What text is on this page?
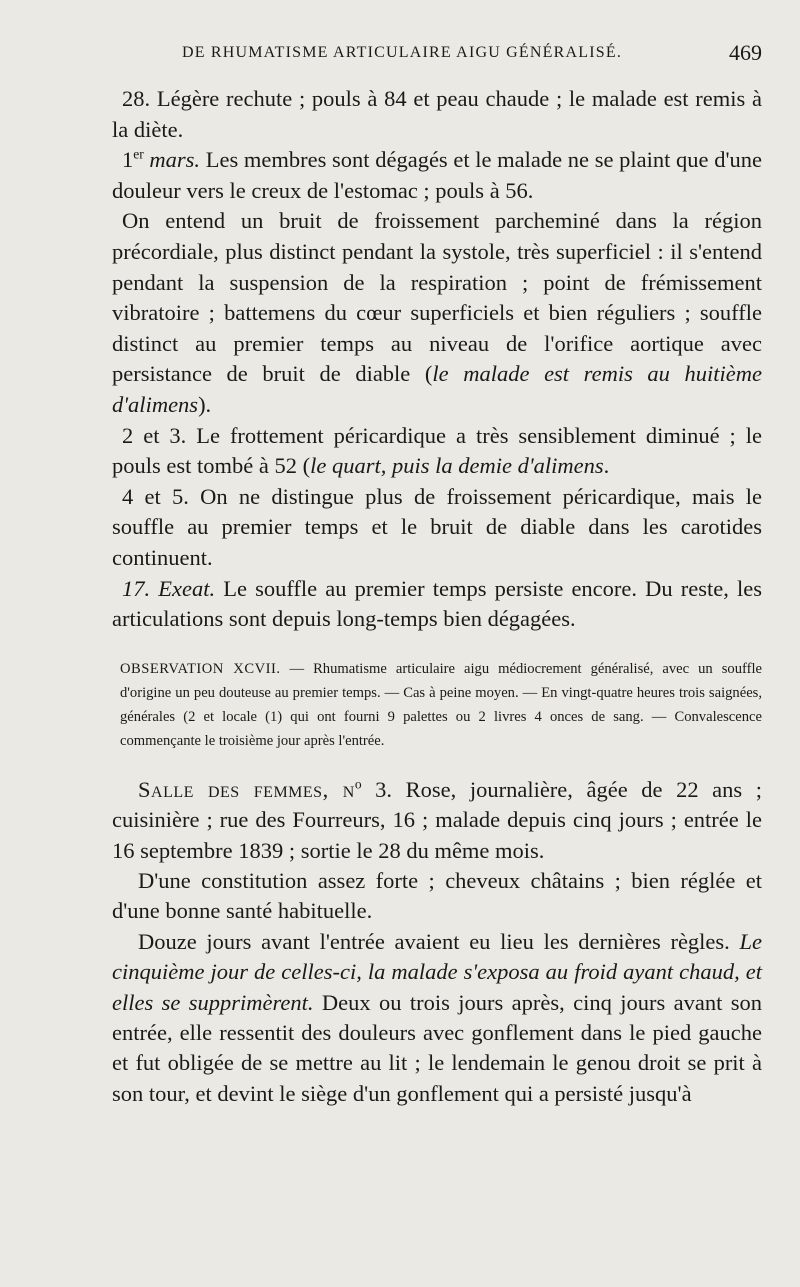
DE RHUMATISME ARTICULAIRE AIGU GÉNÉRALISÉ.	469

28. Légère rechute ; pouls à 84 et peau chaude ; le malade est remis à la diète.

1er mars. Les membres sont dégagés et le malade ne se plaint que d'une douleur vers le creux de l'estomac ; pouls à 56.

On entend un bruit de froissement parcheminé dans la région précordiale, plus distinct pendant la systole, très superficiel : il s'entend pendant la suspension de la respiration ; point de frémissement vibratoire ; battemens du cœur superficiels et bien réguliers ; souffle distinct au premier temps au niveau de l'orifice aortique avec persistance de bruit de diable (le malade est remis au huitième d'alimens).

2 et 3. Le frottement péricardique a très sensiblement diminué ; le pouls est tombé à 52 (le quart, puis la demie d'alimens.

4 et 5. On ne distingue plus de froissement péricardique, mais le souffle au premier temps et le bruit de diable dans les carotides continuent.

17. Exeat. Le souffle au premier temps persiste encore. Du reste, les articulations sont depuis long-temps bien dégagées.

OBSERVATION XCVII. — Rhumatisme articulaire aigu médiocrement généralisé, avec un souffle d'origine un peu douteuse au premier temps. — Cas à peine moyen. — En vingt-quatre heures trois saignées, générales (2 et locale (1) qui ont fourni 9 palettes ou 2 livres 4 onces de sang. — Convalescence commençante le troisième jour après l'entrée.

Salle des femmes, $n^o$ 3. Rose, journalière, âgée de 22 ans ; cuisinière ; rue des Fourreurs, 16 ; malade depuis cinq jours ; entrée le 16 septembre 1839 ; sortie le 28 du même mois.

D'une constitution assez forte ; cheveux châtains ; bien réglée et d'une bonne santé habituelle.

Douze jours avant l'entrée avaient eu lieu les dernières règles. Le cinquième jour de celles-ci, la malade s'exposa au froid ayant chaud, et elles se supprimèrent. Deux ou trois jours après, cinq jours avant son entrée, elle ressentit des douleurs avec gonflement dans le pied gauche et fut obligée de se mettre au lit ; le lendemain le genou droit se prit à son tour, et devint le siège d'un gonflement qui a persisté jusqu'à
